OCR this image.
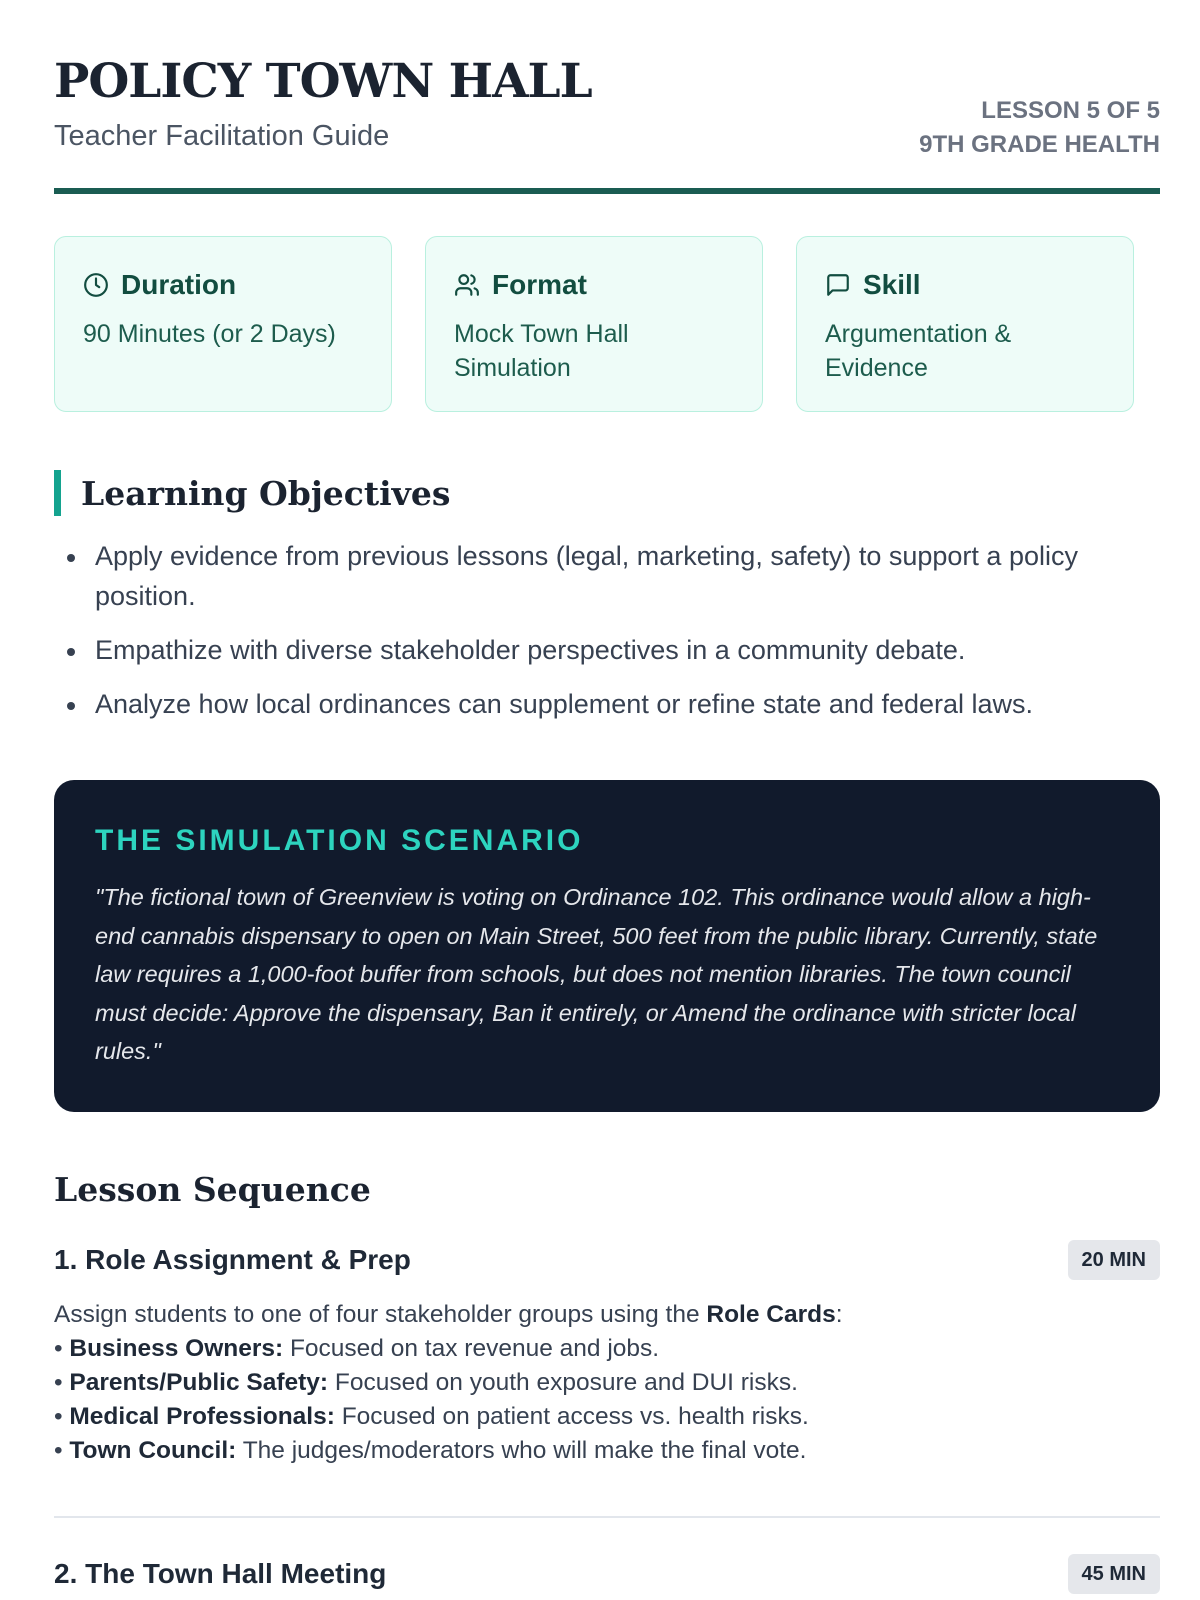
POLICY TOWN HALL
Teacher Facilitation Guide
LESSON 5 OF 5
9TH GRADE HEALTH
Duration
90 Minutes (or 2 Days)
Format
Mock Town Hall Simulation
Skill
Argumentation & Evidence
Learning Objectives
Apply evidence from previous lessons (legal, marketing, safety) to support a policy position.
Empathize with diverse stakeholder perspectives in a community debate.
Analyze how local ordinances can supplement or refine state and federal laws.
THE SIMULATION SCENARIO
"The fictional town of Greenview is voting on Ordinance 102. This ordinance would allow a high-end cannabis dispensary to open on Main Street, 500 feet from the public library. Currently, state law requires a 1,000-foot buffer from schools, but does not mention libraries. The town council must decide: Approve the dispensary, Ban it entirely, or Amend the ordinance with stricter local rules."
Lesson Sequence
1. Role Assignment & Prep	20 MIN
Assign students to one of four stakeholder groups using the Role Cards:
• Business Owners: Focused on tax revenue and jobs.
• Parents/Public Safety: Focused on youth exposure and DUI risks.
• Medical Professionals: Focused on patient access vs. health risks.
• Town Council: The judges/moderators who will make the final vote.
2. The Town Hall Meeting	45 MIN
